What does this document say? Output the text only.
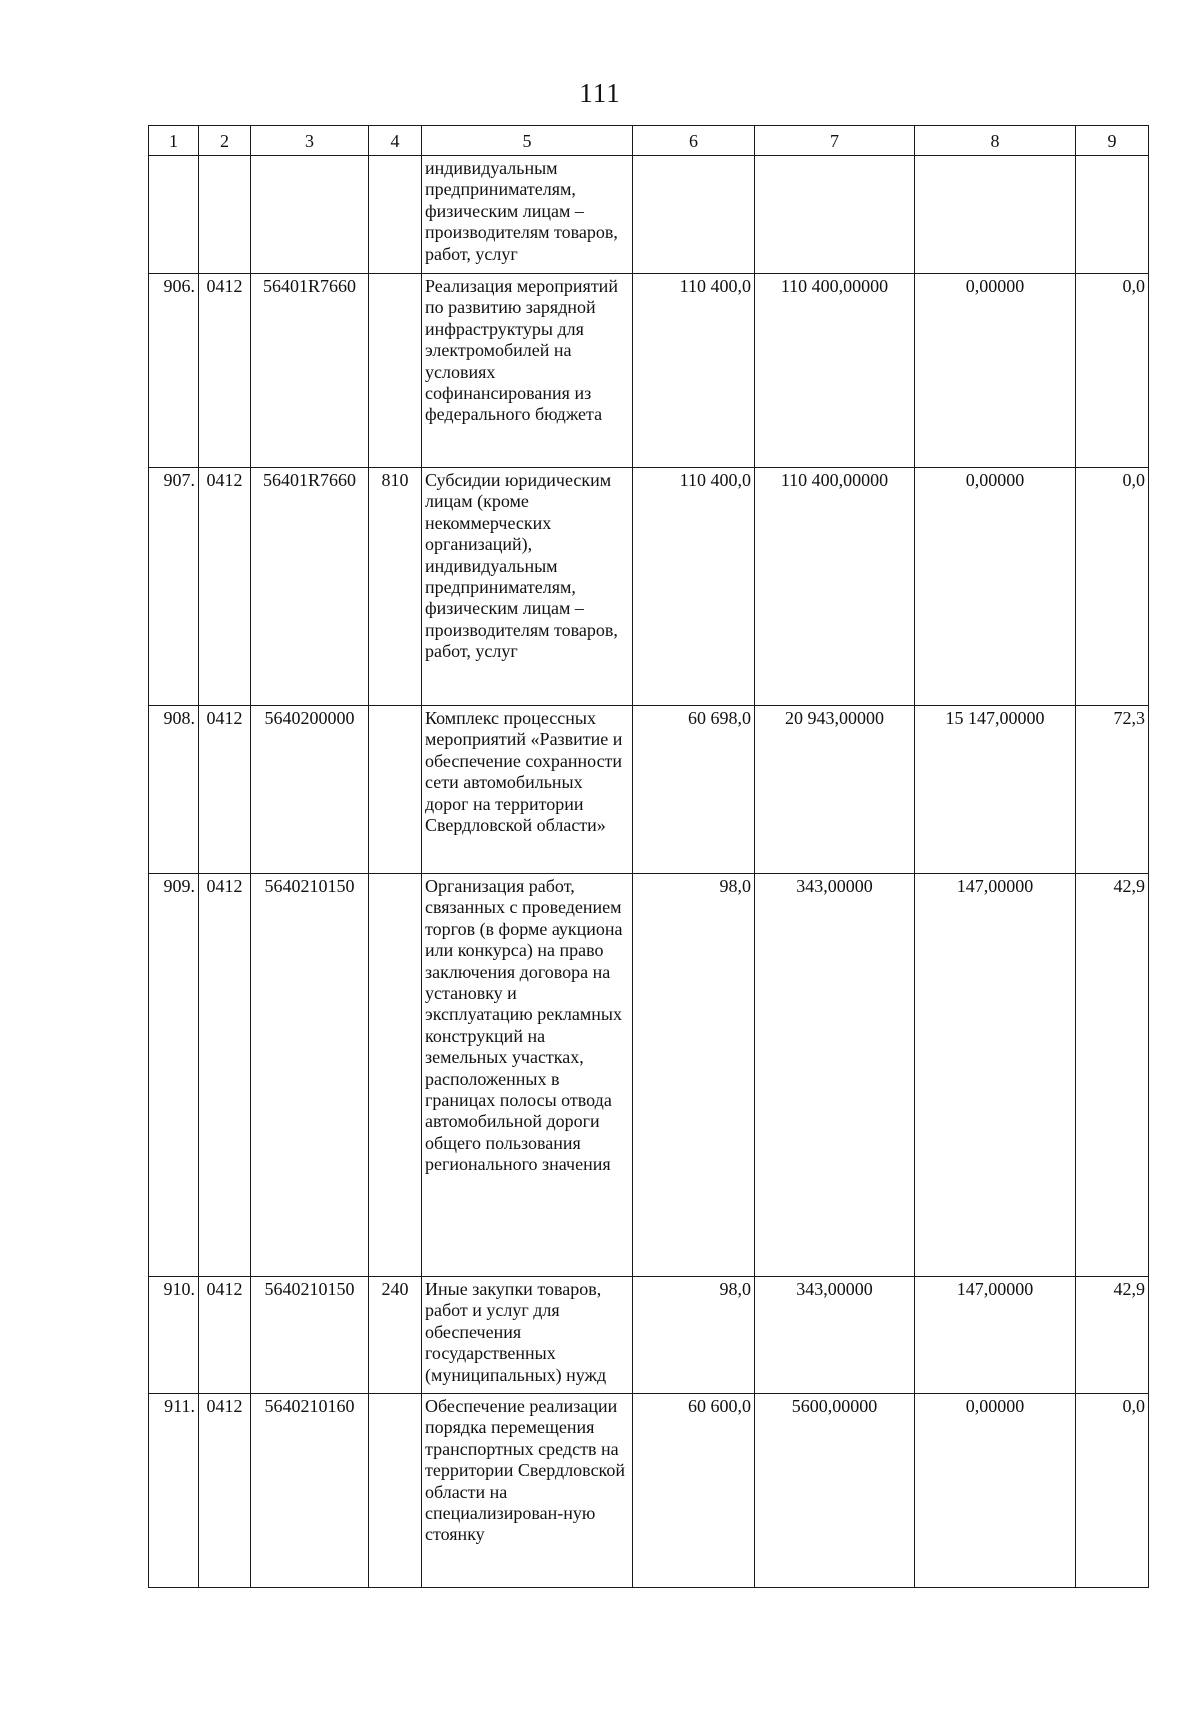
111
1	2	3	4	5	6	7	8	9
				индивидуальным предпринимателям, физическим лицам – производителям товаров, работ, услуг				
906.	0412	56401R7660		Реализация мероприятий по развитию зарядной инфраструктуры для электромобилей на условиях софинансирования из федерального бюджета	110 400,0	110 400,00000	0,00000	0,0
907.	0412	56401R7660	810	Субсидии юридическим лицам (кроме некоммерческих организаций), индивидуальным предпринимателям, физическим лицам – производителям товаров, работ, услуг	110 400,0	110 400,00000	0,00000	0,0
908.	0412	5640200000		Комплекс процессных мероприятий «Развитие и обеспечение сохранности сети автомобильных дорог на территории Свердловской области»	60 698,0	20 943,00000	15 147,00000	72,3
909.	0412	5640210150		Организация работ, связанных с проведением торгов (в форме аукциона или конкурса) на право заключения договора на установку и эксплуатацию рекламных конструкций на земельных участках, расположенных в границах полосы отвода автомобильной дороги общего пользования регионального значения	98,0	343,00000	147,00000	42,9
910.	0412	5640210150	240	Иные закупки товаров, работ и услуг для обеспечения государственных (муниципальных) нужд	98,0	343,00000	147,00000	42,9
911.	0412	5640210160		Обеспечение реализации порядка перемещения транспортных средств на территории Свердловской области на специализирован-ную стоянку	60 600,0	5600,00000	0,00000	0,0
